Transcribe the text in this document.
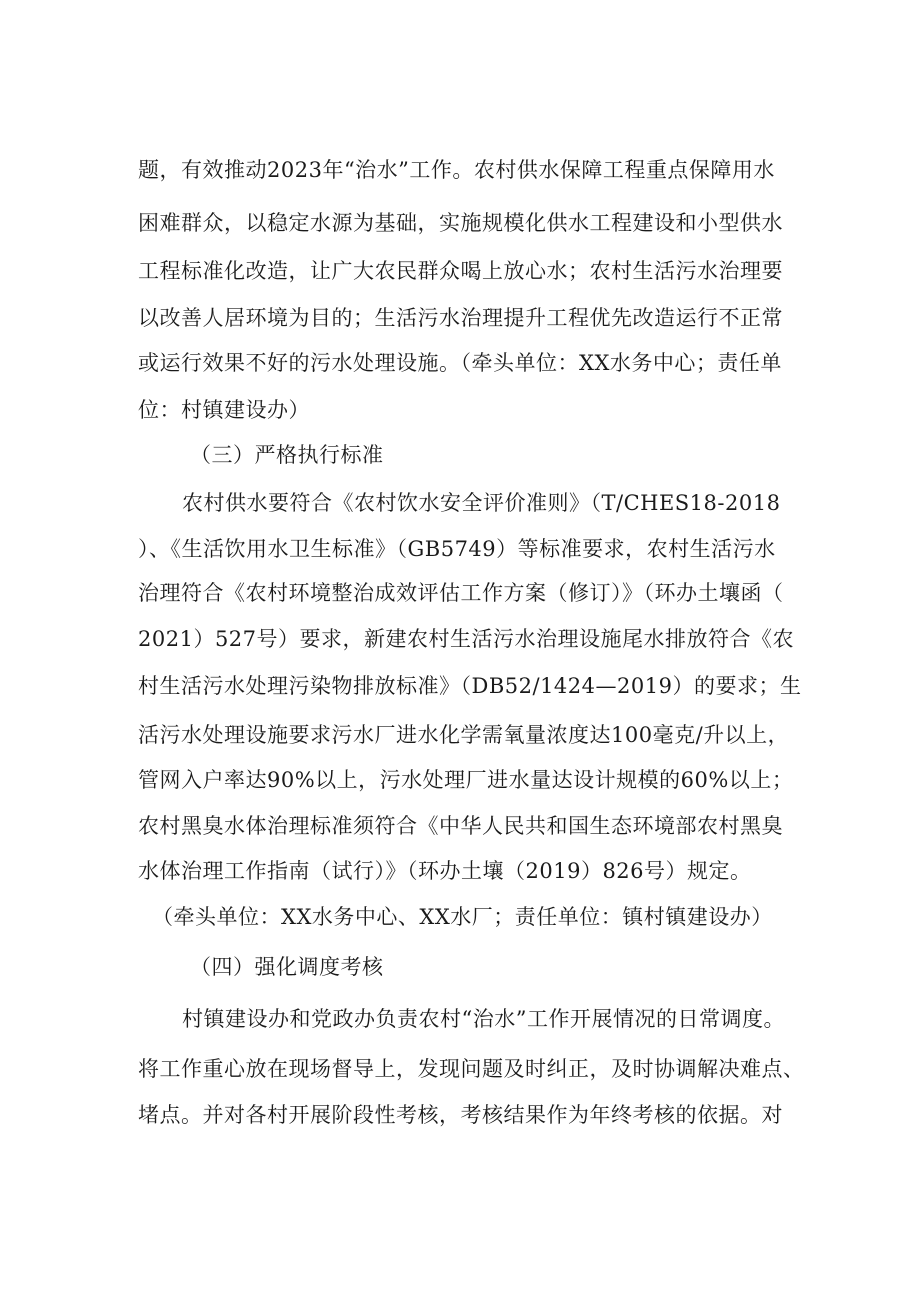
题，有效推动2023年“治水”工作。农村供水保障工程重点保障用水
困难群众，以稳定水源为基础，实施规模化供水工程建设和小型供水
工程标准化改造，让广大农民群众喝上放心水；农村生活污水治理要
以改善人居环境为目的；生活污水治理提升工程优先改造运行不正常
或运行效果不好的污水处理设施。（牵头单位：XX水务中心；责任单
位：村镇建设办）
（三）严格执行标准
农村供水要符合《农村饮水安全评价准则》（T/CHES18-2018
）、《生活饮用水卫生标准》（GB5749）等标准要求，农村生活污水
治理符合《农村环境整治成效评估工作方案（修订）》（环办土壤函（
2021）527号）要求，新建农村生活污水治理设施尾水排放符合《农
村生活污水处理污染物排放标准》（DB52/1424—2019）的要求；生
活污水处理设施要求污水厂进水化学需氧量浓度达100毫克/升以上，
管网入户率达90%以上，污水处理厂进水量达设计规模的60%以上；
农村黑臭水体治理标准须符合《中华人民共和国生态环境部农村黑臭
水体治理工作指南（试行）》（环办土壤（2019）826号）规定。
（牵头单位：XX水务中心、XX水厂；责任单位：镇村镇建设办）
（四）强化调度考核
村镇建设办和党政办负责农村“治水”工作开展情况的日常调度。
将工作重心放在现场督导上，发现问题及时纠正，及时协调解决难点、
堵点。并对各村开展阶段性考核，考核结果作为年终考核的依据。对
